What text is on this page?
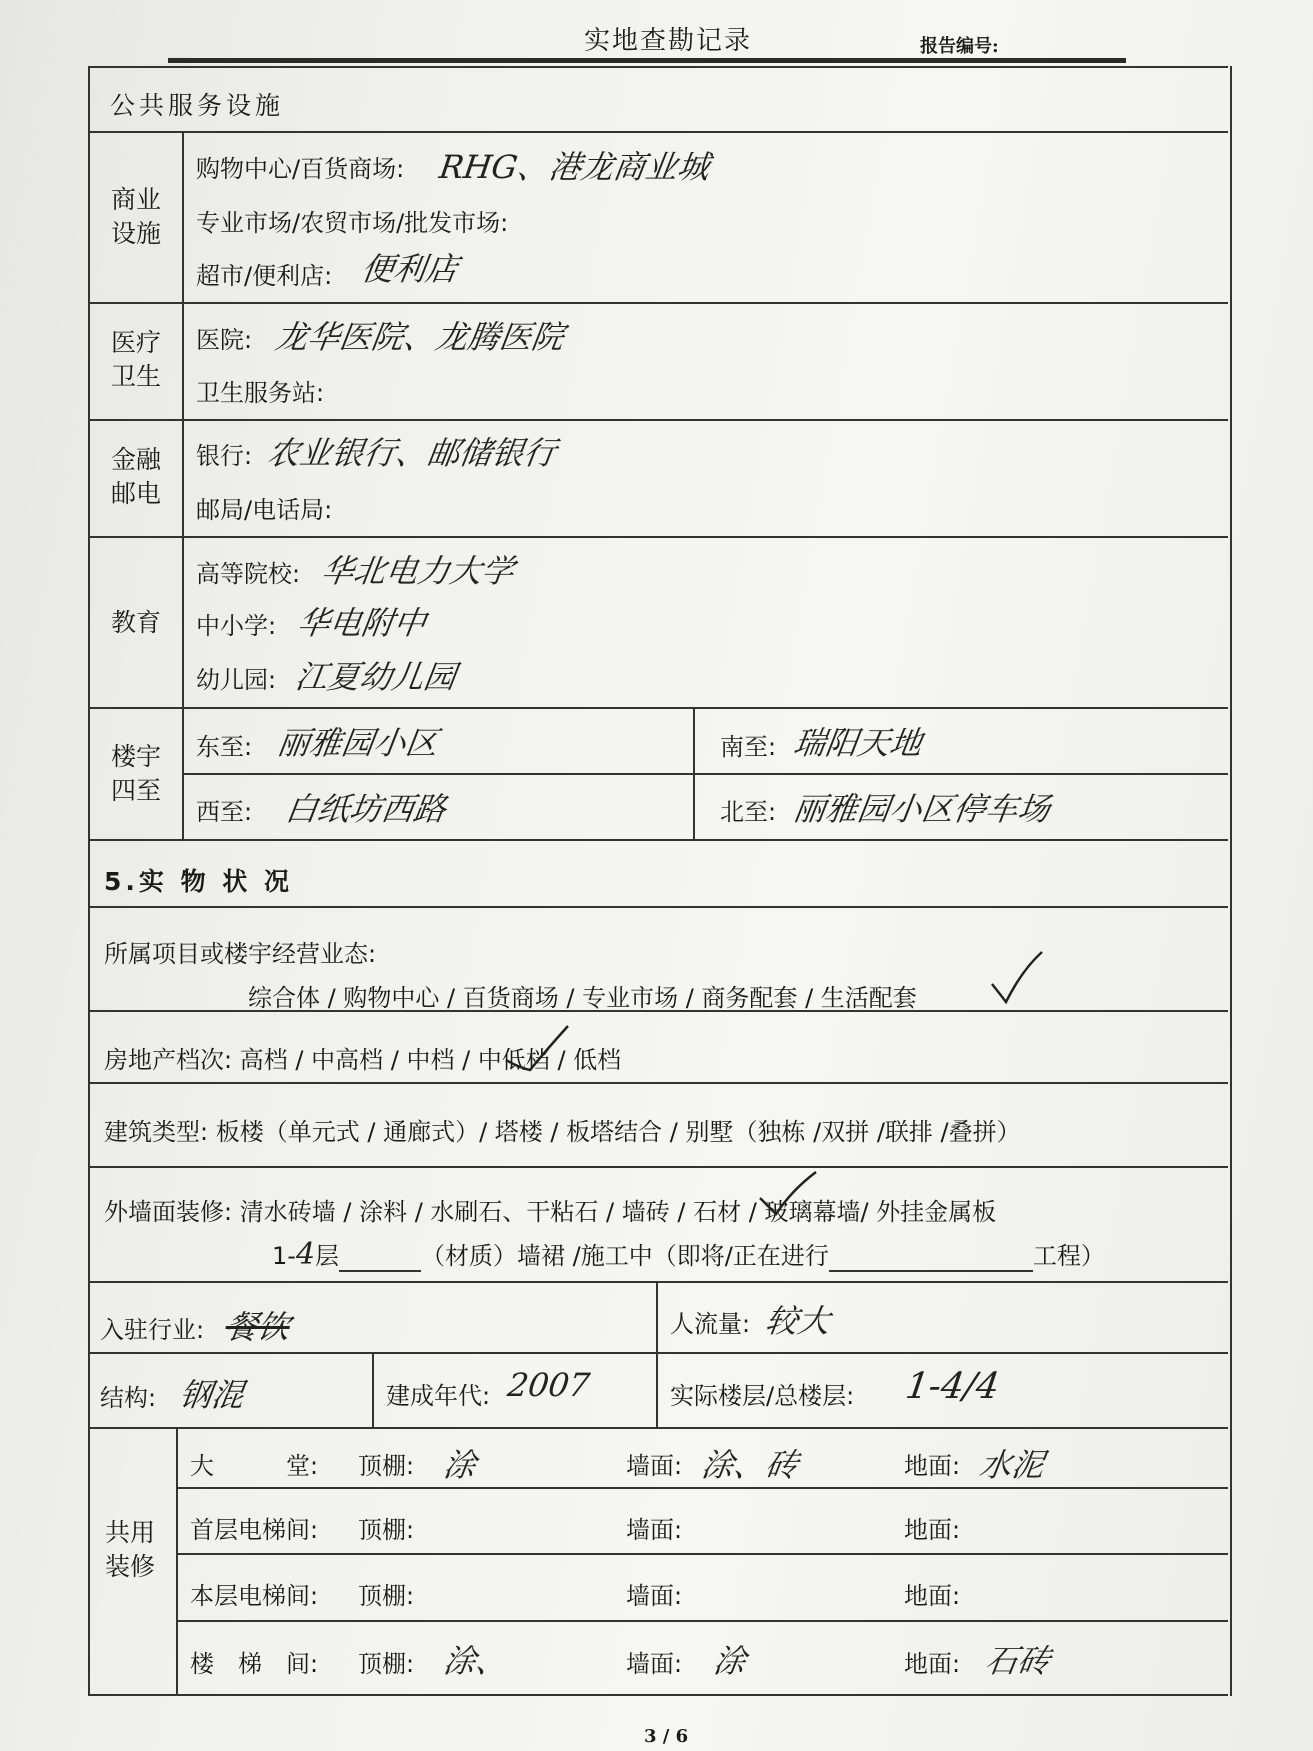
实地查勘记录	报告编号:
公共服务设施
商业设施
购物中心/百货商场: RHG、港龙商业城
专业市场/农贸市场/批发市场:
超市/便利店: 便利店
医疗卫生
医院: 龙华医院、龙腾医院
卫生服务站:
金融邮电
银行: 农业银行、邮储银行
邮局/电话局:
教育
高等院校: 华北电力大学
中小学: 华电附中
幼儿园: 江夏幼儿园
楼宇四至
东至: 丽雅园小区	南至: 瑞阳天地
西至: 白纸坊西路	北至: 丽雅园小区停车场
5.实 物 状 况
所属项目或楼宇经营业态:
综合体 / 购物中心 / 百货商场 / 专业市场 / 商务配套 / 生活配套
房地产档次: 高档 / 中高档 / 中档 / 中低档 / 低档
建筑类型: 板楼（单元式 / 通廊式）/ 塔楼 / 板塔结合 / 别墅（独栋 /双拼 /联排 /叠拼）
外墙面装修: 清水砖墙 / 涂料 / 水刷石、干粘石 / 墙砖 / 石材 / 玻璃幕墙/ 外挂金属板
1-4层	（材质）墙裙 /施工中（即将/正在进行	工程）
入驻行业: 餐饮	人流量: 较大
结构: 钢混	建成年代: 2007	实际楼层/总楼层: 1-4/4
共用装修
大　　　堂: 顶棚: 涂	墙面: 涂、砖	地面: 水泥
首层电梯间: 顶棚:	墙面:	地面:
本层电梯间: 顶棚:	墙面:	地面:
楼　梯　间: 顶棚: 涂、	墙面: 涂	地面: 石砖
3 / 6
